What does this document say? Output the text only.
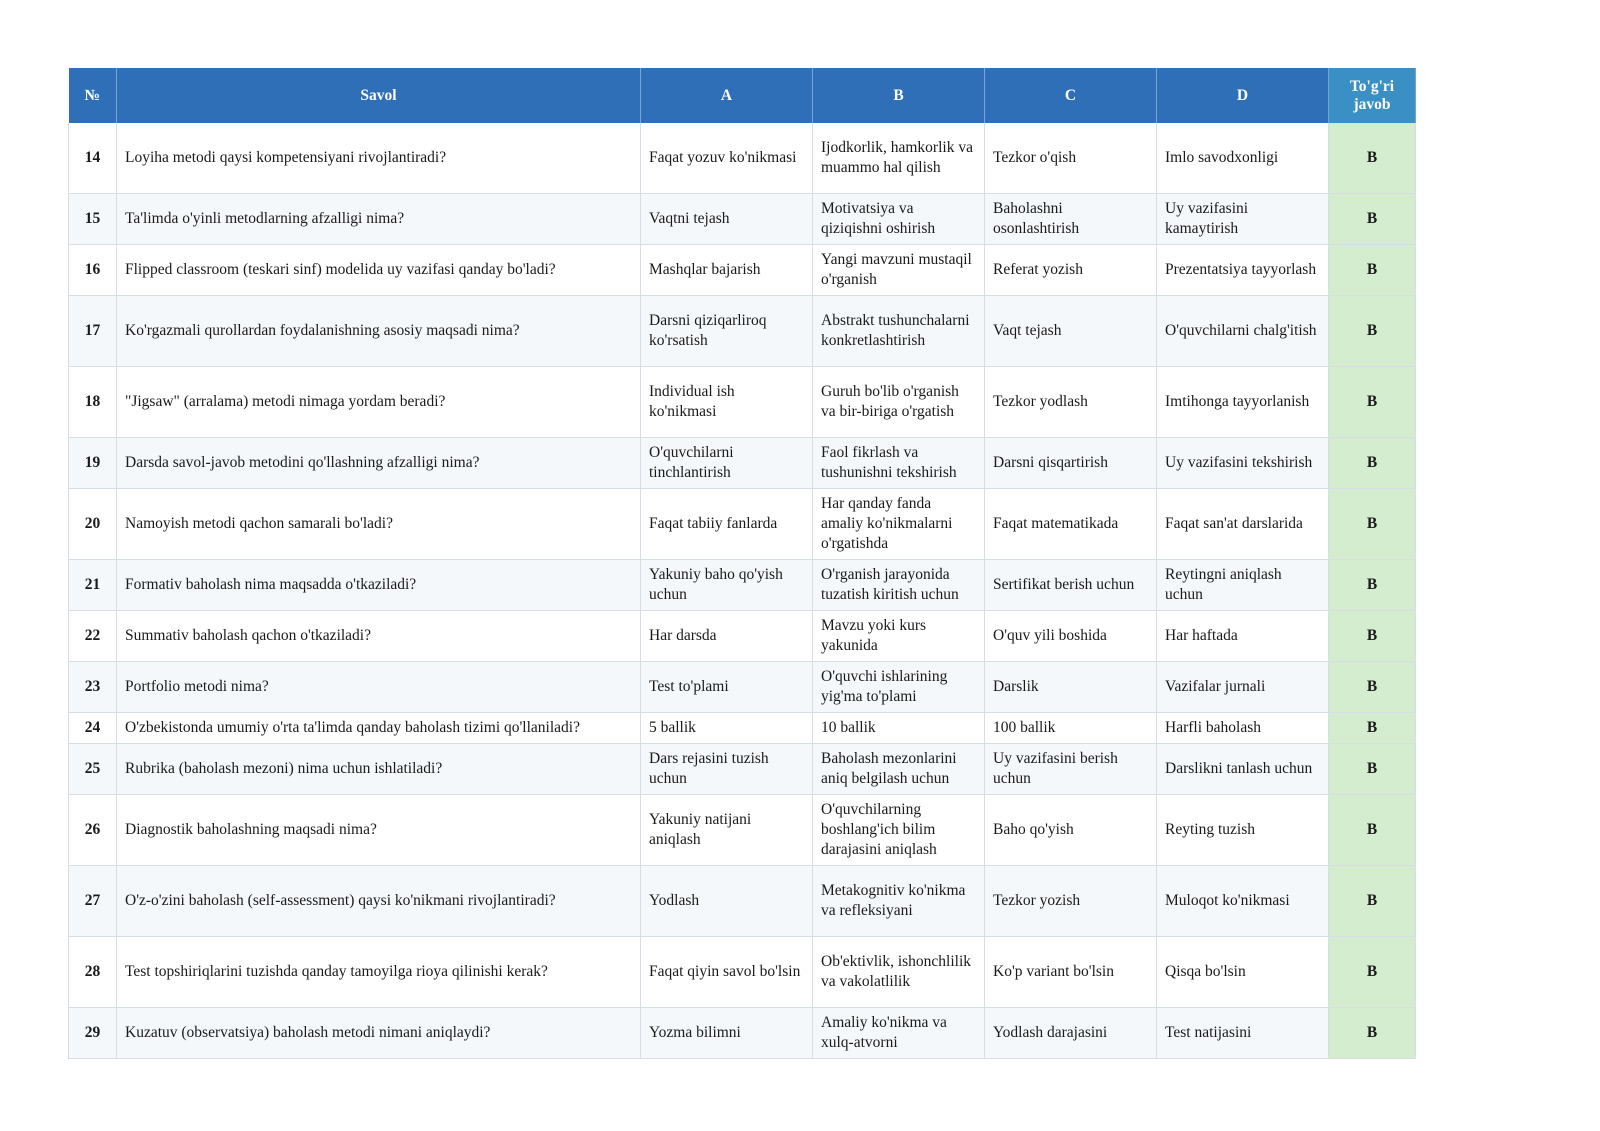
№	Savol	A	B	C	D	To'g'ri javob
14	Loyiha metodi qaysi kompetensiyani rivojlantiradi?	Faqat yozuv ko'nikmasi	Ijodkorlik, hamkorlik va muammo hal qilish	Tezkor o'qish	Imlo savodxonligi	B
15	Ta'limda o'yinli metodlarning afzalligi nima?	Vaqtni tejash	Motivatsiya va qiziqishni oshirish	Baholashni osonlashtirish	Uy vazifasini kamaytirish	B
16	Flipped classroom (teskari sinf) modelida uy vazifasi qanday bo'ladi?	Mashqlar bajarish	Yangi mavzuni mustaqil o'rganish	Referat yozish	Prezentatsiya tayyorlash	B
17	Ko'rgazmali qurollardan foydalanishning asosiy maqsadi nima?	Darsni qiziqarliroq ko'rsatish	Abstrakt tushunchalarni konkretlashtirish	Vaqt tejash	O'quvchilarni chalg'itish	B
18	"Jigsaw" (arralama) metodi nimaga yordam beradi?	Individual ish ko'nikmasi	Guruh bo'lib o'rganish va bir-biriga o'rgatish	Tezkor yodlash	Imtihonga tayyorlanish	B
19	Darsda savol-javob metodini qo'llashning afzalligi nima?	O'quvchilarni tinchlantirish	Faol fikrlash va tushunishni tekshirish	Darsni qisqartirish	Uy vazifasini tekshirish	B
20	Namoyish metodi qachon samarali bo'ladi?	Faqat tabiiy fanlarda	Har qanday fanda amaliy ko'nikmalarni o'rgatishda	Faqat matematikada	Faqat san'at darslarida	B
21	Formativ baholash nima maqsadda o'tkaziladi?	Yakuniy baho qo'yish uchun	O'rganish jarayonida tuzatish kiritish uchun	Sertifikat berish uchun	Reytingni aniqlash uchun	B
22	Summativ baholash qachon o'tkaziladi?	Har darsda	Mavzu yoki kurs yakunida	O'quv yili boshida	Har haftada	B
23	Portfolio metodi nima?	Test to'plami	O'quvchi ishlarining yig'ma to'plami	Darslik	Vazifalar jurnali	B
24	O'zbekistonda umumiy o'rta ta'limda qanday baholash tizimi qo'llaniladi?	5 ballik	10 ballik	100 ballik	Harfli baholash	B
25	Rubrika (baholash mezoni) nima uchun ishlatiladi?	Dars rejasini tuzish uchun	Baholash mezonlarini aniq belgilash uchun	Uy vazifasini berish uchun	Darslikni tanlash uchun	B
26	Diagnostik baholashning maqsadi nima?	Yakuniy natijani aniqlash	O'quvchilarning boshlang'ich bilim darajasini aniqlash	Baho qo'yish	Reyting tuzish	B
27	O'z-o'zini baholash (self-assessment) qaysi ko'nikmani rivojlantiradi?	Yodlash	Metakognitiv ko'nikma va refleksiyani	Tezkor yozish	Muloqot ko'nikmasi	B
28	Test topshiriqlarini tuzishda qanday tamoyilga rioya qilinishi kerak?	Faqat qiyin savol bo'lsin	Ob'ektivlik, ishonchlilik va vakolatlilik	Ko'p variant bo'lsin	Qisqa bo'lsin	B
29	Kuzatuv (observatsiya) baholash metodi nimani aniqlaydi?	Yozma bilimni	Amaliy ko'nikma va xulq-atvorni	Yodlash darajasini	Test natijasini	B
